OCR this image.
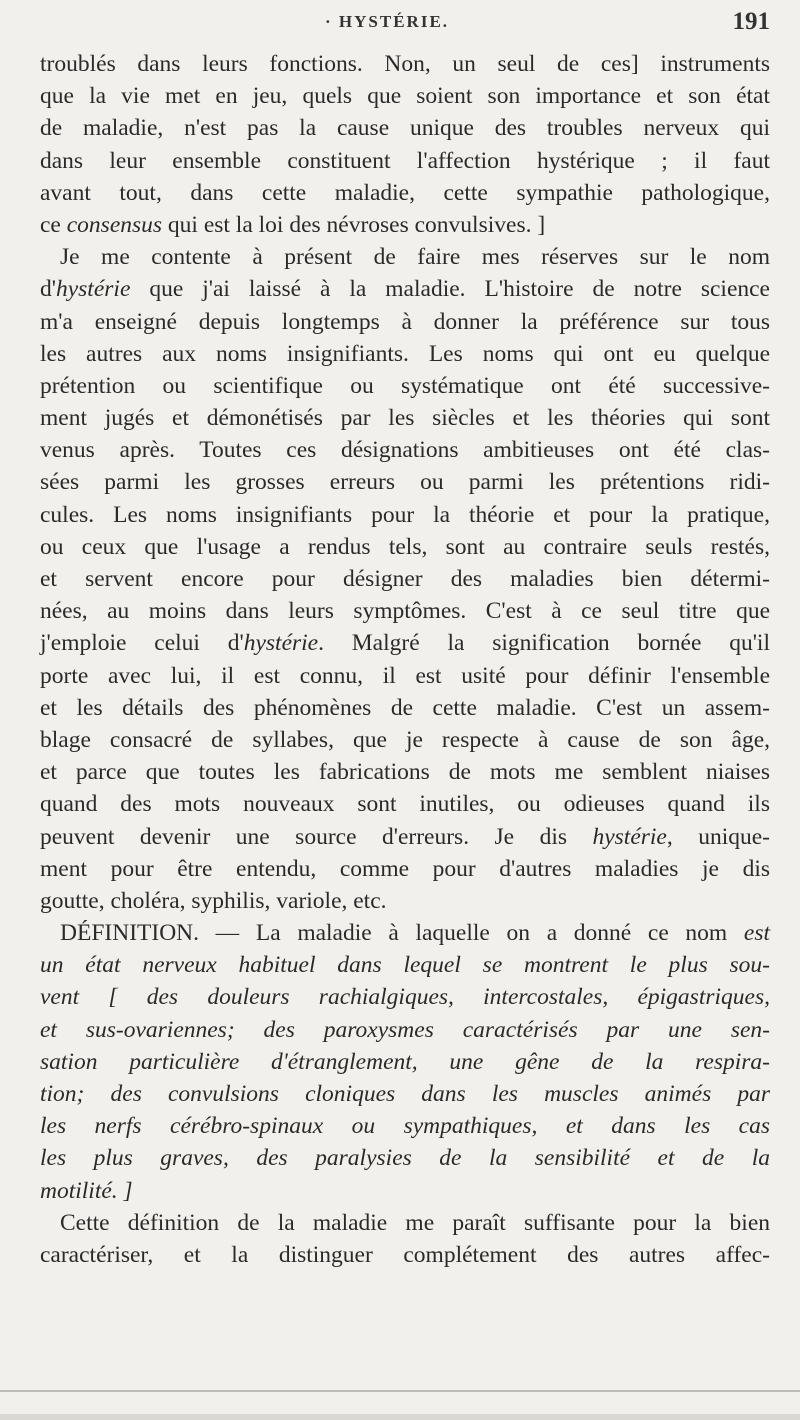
· HYSTÉRIE.	191
troublés dans leurs fonctions. Non, un seul de ces] instruments
que la vie met en jeu, quels que soient son importance et son état
de maladie, n'est pas la cause unique des troubles nerveux qui
dans leur ensemble constituent l'affection hystérique ; il faut
avant tout, dans cette maladie, cette sympathie pathologique,
ce consensus qui est la loi des névroses convulsives. ]
Je me contente à présent de faire mes réserves sur le nom
d'hystérie que j'ai laissé à la maladie. L'histoire de notre science
m'a enseigné depuis longtemps à donner la préférence sur tous
les autres aux noms insignifiants. Les noms qui ont eu quelque
prétention ou scientifique ou systématique ont été successive-
ment jugés et démonétisés par les siècles et les théories qui sont
venus après. Toutes ces désignations ambitieuses ont été clas-
sées parmi les grosses erreurs ou parmi les prétentions ridi-
cules. Les noms insignifiants pour la théorie et pour la pratique,
ou ceux que l'usage a rendus tels, sont au contraire seuls restés,
et servent encore pour désigner des maladies bien détermi-
nées, au moins dans leurs symptômes. C'est à ce seul titre que
j'emploie celui d'hystérie. Malgré la signification bornée qu'il
porte avec lui, il est connu, il est usité pour définir l'ensemble
et les détails des phénomènes de cette maladie. C'est un assem-
blage consacré de syllabes, que je respecte à cause de son âge,
et parce que toutes les fabrications de mots me semblent niaises
quand des mots nouveaux sont inutiles, ou odieuses quand ils
peuvent devenir une source d'erreurs. Je dis hystérie, unique-
ment pour être entendu, comme pour d'autres maladies je dis
goutte, choléra, syphilis, variole, etc.
DÉFINITION. — La maladie à laquelle on a donné ce nom est
un état nerveux habituel dans lequel se montrent le plus sou-
vent [ des douleurs rachialgiques, intercostales, épigastriques,
et sus-ovariennes; des paroxysmes caractérisés par une sen-
sation particulière d'étranglement, une gêne de la respira-
tion; des convulsions cloniques dans les muscles animés par
les nerfs cérébro-spinaux ou sympathiques, et dans les cas
les plus graves, des paralysies de la sensibilité et de la
motilité. ]
Cette définition de la maladie me paraît suffisante pour la bien
caractériser, et la distinguer complétement des autres affec-
